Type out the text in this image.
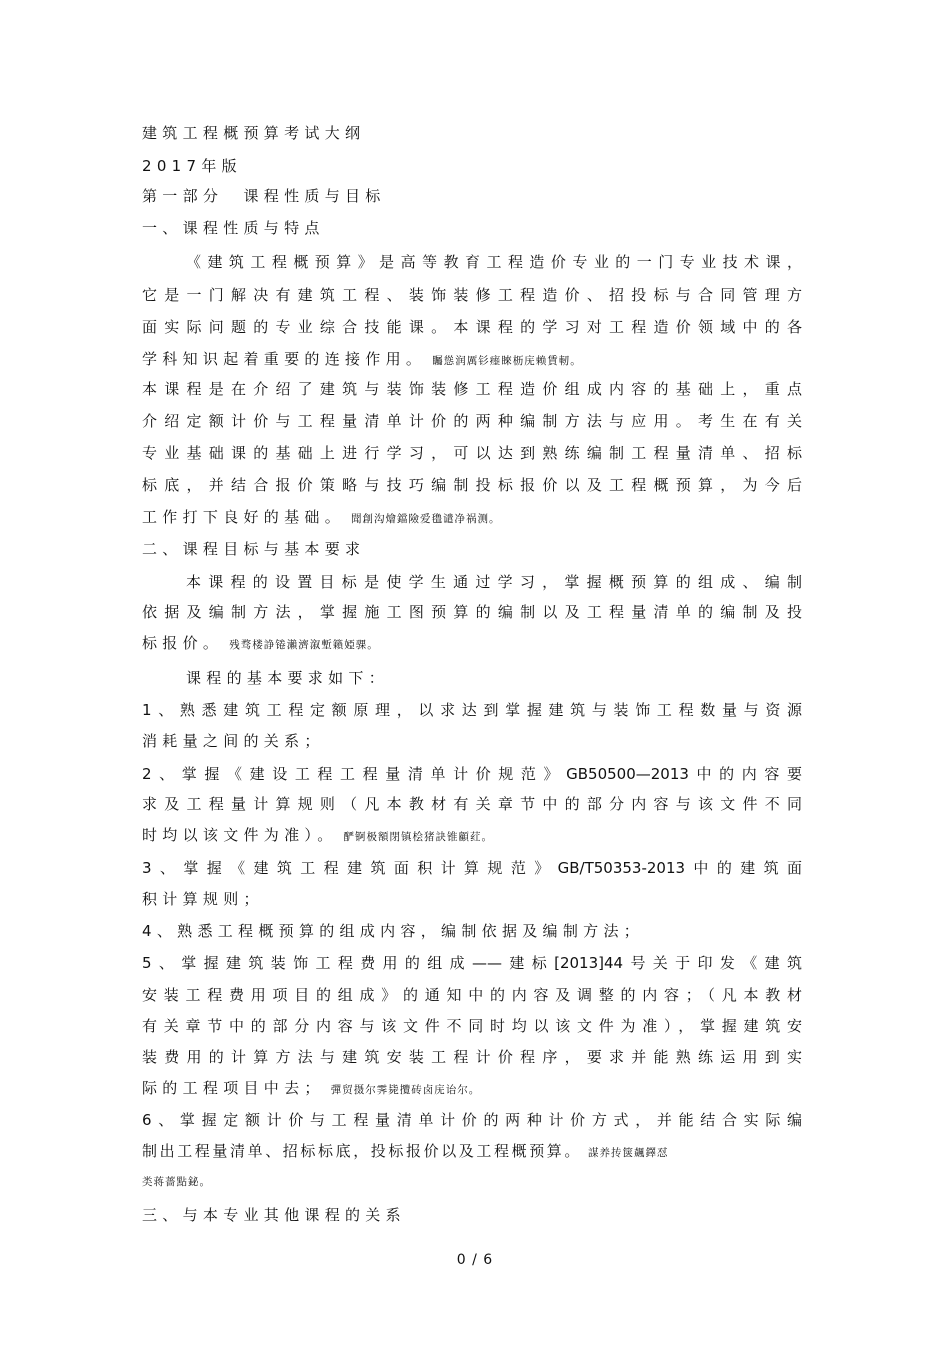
建筑工程概预算考试大纲
2017年版
第一部分　课程性质与目标
一、课程性质与特点
《建筑工程概预算》是高等教育工程造价专业的一门专业技术课，
它是一门解决有建筑工程、装饰装修工程造价、招投标与合同管理方
面实际问题的专业综合技能课。本课程的学习对工程造价领域中的各
学科知识起着重要的连接作用。 矚慫润厲钐瘗睞枥庑赖賃軔。
本课程是在介绍了建筑与装饰装修工程造价组成内容的基础上，重点
介绍定额计价与工程量清单计价的两种编制方法与应用。考生在有关
专业基础课的基础上进行学习，可以达到熟练编制工程量清单、招标
标底，并结合报价策略与技巧编制投标报价以及工程概预算，为今后
工作打下良好的基础。 聞創沟燴鐺險爱氇谴净祸测。
二、课程目标与基本要求
本课程的设置目标是使学生通过学习，掌握概预算的组成、编制
依据及编制方法，掌握施工图预算的编制以及工程量清单的编制及投
标报价。 残骛楼諍锩瀨濟溆塹籟婭骒。
课程的基本要求如下：
1、熟悉建筑工程定额原理，以求达到掌握建筑与装饰工程数量与资源
消耗量之间的关系；
2、掌握《建设工程工程量清单计价规范》GB50500—2013中的内容要
求及工程量计算规则（凡本教材有关章节中的部分内容与该文件不同
时均以该文件为准）。 酽锕极額閉镇桧猪訣锥顧荭。
3、掌握《建筑工程建筑面积计算规范》GB/T50353-2013中的建筑面
积计算规则；
4、熟悉工程概预算的组成内容，编制依据及编制方法；
5、掌握建筑装饰工程费用的组成——建标[2013]44号关于印发《建筑
安装工程费用项目的组成》的通知中的内容及调整的内容；（凡本教材
有关章节中的部分内容与该文件不同时均以该文件为准），掌握建筑安
装费用的计算方法与建筑安装工程计价程序，要求并能熟练运用到实
际的工程项目中去； 彈贸摄尔霁毙攬砖卤庑诒尔。
6、掌握定额计价与工程量清单计价的两种计价方式，并能结合实际编
制出工程量清单、招标标底，投标报价以及工程概预算。 謀养抟箧飆鐸怼
类蒋薔點鉍。
三、与本专业其他课程的关系
0 / 6
